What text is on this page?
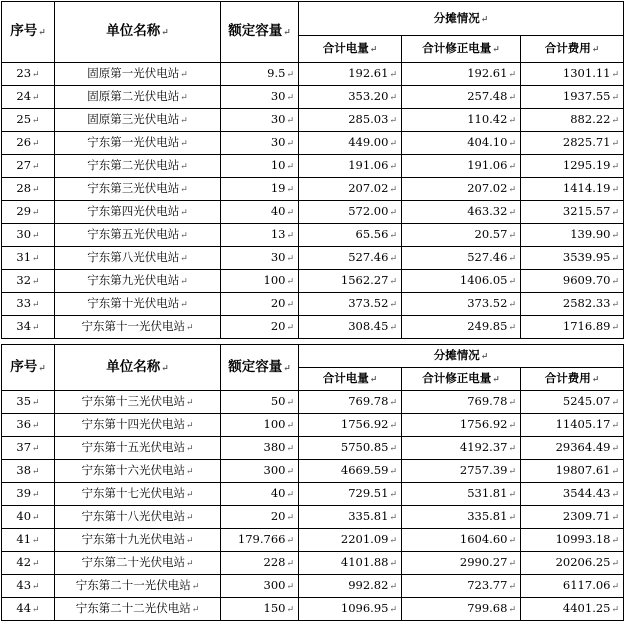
序号↵	单位名称↵	额定容量↵	分摊情况↵		
			合计电量↵	合计修正电量↵	合计费用↵
23↵	固原第一光伏电站↵	9.5↵	192.61↵	192.61↵	1301.11↵
24↵	固原第二光伏电站↵	30↵	353.20↵	257.48↵	1937.55↵
25↵	固原第三光伏电站↵	30↵	285.03↵	110.42↵	882.22↵
26↵	宁东第一光伏电站↵	30↵	449.00↵	404.10↵	2825.71↵
27↵	宁东第二光伏电站↵	10↵	191.06↵	191.06↵	1295.19↵
28↵	宁东第三光伏电站↵	19↵	207.02↵	207.02↵	1414.19↵
29↵	宁东第四光伏电站↵	40↵	572.00↵	463.32↵	3215.57↵
30↵	宁东第五光伏电站↵	13↵	65.56↵	20.57↵	139.90↵
31↵	宁东第八光伏电站↵	30↵	527.46↵	527.46↵	3539.95↵
32↵	宁东第九光伏电站↵	100↵	1562.27↵	1406.05↵	9609.70↵
33↵	宁东第十光伏电站↵	20↵	373.52↵	373.52↵	2582.33↵
34↵	宁东第十一光伏电站↵	20↵	308.45↵	249.85↵	1716.89↵
序号↵	单位名称↵	额定容量↵	分摊情况↵		
			合计电量↵	合计修正电量↵	合计费用↵
35↵	宁东第十三光伏电站↵	50↵	769.78↵	769.78↵	5245.07↵
36↵	宁东第十四光伏电站↵	100↵	1756.92↵	1756.92↵	11405.17↵
37↵	宁东第十五光伏电站↵	380↵	5750.85↵	4192.37↵	29364.49↵
38↵	宁东第十六光伏电站↵	300↵	4669.59↵	2757.39↵	19807.61↵
39↵	宁东第十七光伏电站↵	40↵	729.51↵	531.81↵	3544.43↵
40↵	宁东第十八光伏电站↵	20↵	335.81↵	335.81↵	2309.71↵
41↵	宁东第十九光伏电站↵	179.766↵	2201.09↵	1604.60↵	10993.18↵
42↵	宁东第二十光伏电站↵	228↵	4101.88↵	2990.27↵	20206.25↵
43↵	宁东第二十一光伏电站↵	300↵	992.82↵	723.77↵	6117.06↵
44↵	宁东第二十二光伏电站↵	150↵	1096.95↵	799.68↵	4401.25↵
